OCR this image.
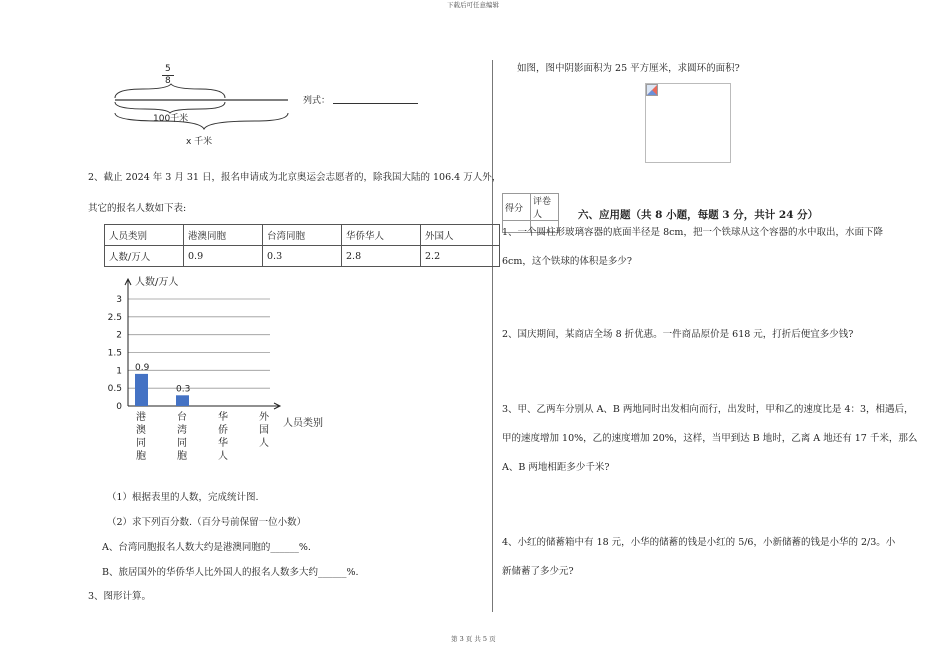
下载后可任意编辑
第 3 页 共 5 页
5
8
100千米
x 千米
列式：
2、截止 2024 年 3 月 31 日，报名申请成为北京奥运会志愿者的，除我国大陆的 106.4 万人外，
其它的报名人数如下表:
人员类别	港澳同胞	台湾同胞	华侨华人	外国人
人数/万人	0.9	0.3	2.8	2.2
人数/万人
人员类别
0
0.5
1
1.5
2
2.5
3
0.9
港
澳
同
胞
0.3
台
湾
同
胞
华
侨
华
人
外
国
人
（1）根据表里的人数，完成统计图.
（2）求下列百分数.（百分号前保留一位小数）
A、台湾同胞报名人数大约是港澳同胞的______%.
B、旅居国外的华侨华人比外国人的报名人数多大约______%.
3、图形计算。
如图，图中阴影面积为 25 平方厘米，求圆环的面积?
得分	评卷人
		六、应用题（共 8 小题，每题 3 分，共计 24 分）
1、一个圆柱形玻璃容器的底面半径是 8cm，把一个铁球从这个容器的水中取出，水面下降
6cm，这个铁球的体积是多少?
2、国庆期间，某商店全场 8 折优惠。一件商品原价是 618 元，打折后便宜多少钱?
3、甲、乙两车分别从 A、B 两地同时出发相向而行，出发时，甲和乙的速度比是 4：3，相遇后，
甲的速度增加 10%，乙的速度增加 20%，这样，当甲到达 B 地时，乙离 A 地还有 17 千米，那么
A、B 两地相距多少千米?
4、小红的储蓄箱中有 18 元，小华的储蓄的钱是小红的 5/6，小新储蓄的钱是小华的 2/3。小
新储蓄了多少元?
